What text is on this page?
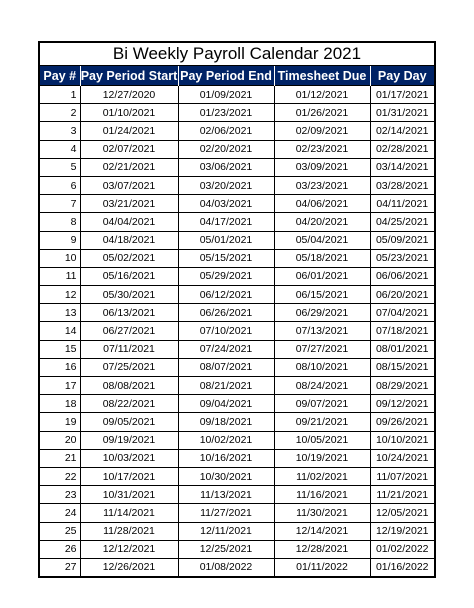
Bi Weekly Payroll Calendar 2021
Pay #	Pay Period Start	Pay Period End	Timesheet Due	Pay Day
1	12/27/2020	01/09/2021	01/12/2021	01/17/2021
2	01/10/2021	01/23/2021	01/26/2021	01/31/2021
3	01/24/2021	02/06/2021	02/09/2021	02/14/2021
4	02/07/2021	02/20/2021	02/23/2021	02/28/2021
5	02/21/2021	03/06/2021	03/09/2021	03/14/2021
6	03/07/2021	03/20/2021	03/23/2021	03/28/2021
7	03/21/2021	04/03/2021	04/06/2021	04/11/2021
8	04/04/2021	04/17/2021	04/20/2021	04/25/2021
9	04/18/2021	05/01/2021	05/04/2021	05/09/2021
10	05/02/2021	05/15/2021	05/18/2021	05/23/2021
11	05/16/2021	05/29/2021	06/01/2021	06/06/2021
12	05/30/2021	06/12/2021	06/15/2021	06/20/2021
13	06/13/2021	06/26/2021	06/29/2021	07/04/2021
14	06/27/2021	07/10/2021	07/13/2021	07/18/2021
15	07/11/2021	07/24/2021	07/27/2021	08/01/2021
16	07/25/2021	08/07/2021	08/10/2021	08/15/2021
17	08/08/2021	08/21/2021	08/24/2021	08/29/2021
18	08/22/2021	09/04/2021	09/07/2021	09/12/2021
19	09/05/2021	09/18/2021	09/21/2021	09/26/2021
20	09/19/2021	10/02/2021	10/05/2021	10/10/2021
21	10/03/2021	10/16/2021	10/19/2021	10/24/2021
22	10/17/2021	10/30/2021	11/02/2021	11/07/2021
23	10/31/2021	11/13/2021	11/16/2021	11/21/2021
24	11/14/2021	11/27/2021	11/30/2021	12/05/2021
25	11/28/2021	12/11/2021	12/14/2021	12/19/2021
26	12/12/2021	12/25/2021	12/28/2021	01/02/2022
27	12/26/2021	01/08/2022	01/11/2022	01/16/2022
